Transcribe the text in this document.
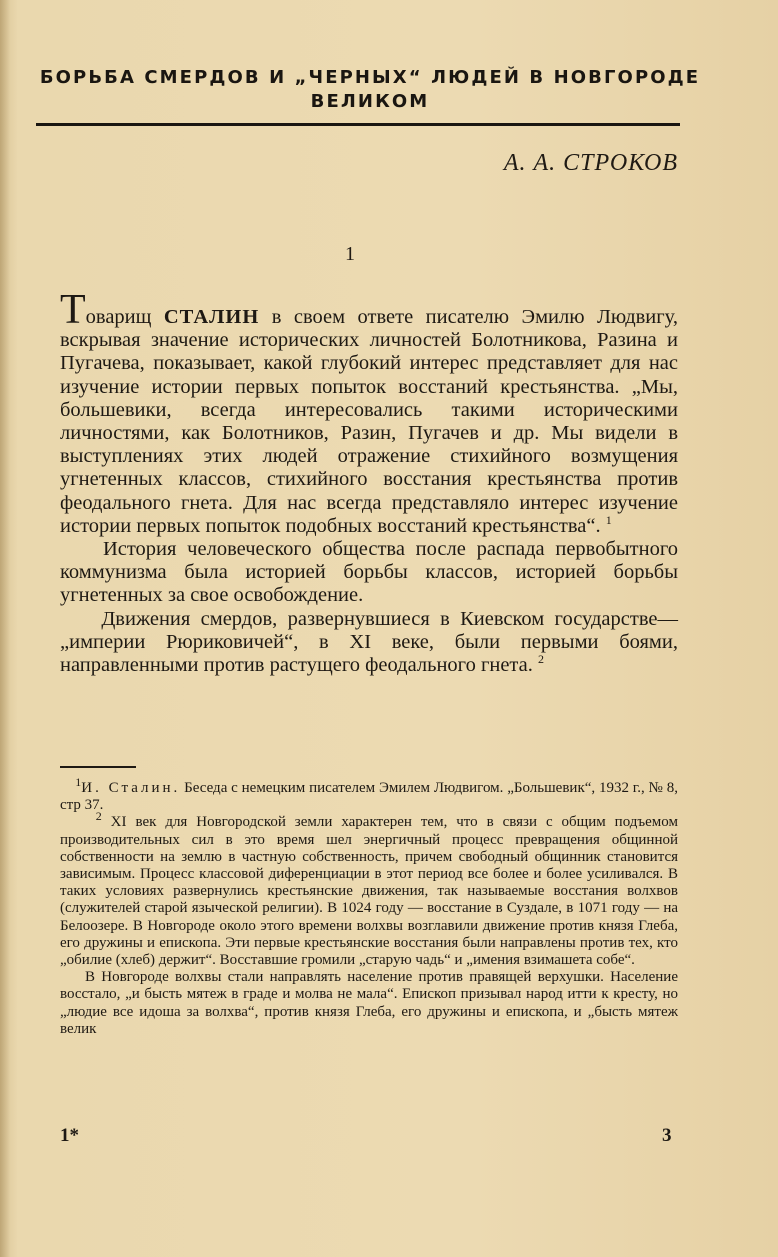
БОРЬБА СМЕРДОВ И „ЧЕРНЫХ“ ЛЮДЕЙ В НОВГОРОДЕ
ВЕЛИКОМ
А. А. СТРОКОВ
1

Товарищ СТАЛИН в своем ответе писателю Эмилю Людвигу, вскрывая значение исторических личностей Болотникова, Разина и Пугачева, показывает, какой глубокий интерес представляет для нас изучение истории первых попыток восстаний крестьянства. „Мы, большевики, всегда интересовались такими историческими личностями, как Болотников, Разин, Пугачев и др. Мы видели в выступлениях этих людей отражение стихийного возмущения угнетенных классов, стихийного восстания крестьянства против феодального гнета. Для нас всегда представляло интерес изучение истории первых попыток подобных восстаний крестьянства“. $^1$

История человеческого общества после распада первобытного коммунизма была историей борьбы классов, историей борьбы угнетенных за свое освобождение.

Движения смердов, развернувшиеся в Киевском государстве—„империи Рюриковичей“, в XI веке, были первыми боями, направленными против растущего феодального гнета. $^2$

$^1$И. Сталин. Беседа с немецким писателем Эмилем Людвигом. „Большевик“, 1932 г., № 8, стр 37.

$^2$ XI век для Новгородской земли характерен тем, что в связи с общим подъемом производительных сил в это время шел энергичный процесс превращения общинной собственности на землю в частную собственность, причем свободный общинник становится зависимым. Процесс классовой диференциации в этот период все более и более усиливался. В таких условиях развернулись крестьянские движения, так называемые восстания волхвов (служителей старой языческой религии). В 1024 году — восстание в Суздале, в 1071 году — на Белоозере. В Новгороде около этого времени волхвы возглавили движение против князя Глеба, его дружины и епископа. Эти первые крестьянские восстания были направлены против тех, кто „обилие (хлеб) держит“. Восставшие громили „старую чадь“ и „имения взимашета собе“.

В Новгороде волхвы стали направлять население против правящей верхушки. Население восстало, „и бысть мятеж в граде и молва не мала“. Епископ призывал народ итти к кресту, но „людие все идоша за волхва“, против князя Глеба, его дружины и епископа, и „бысть мятеж велик

1*	3
